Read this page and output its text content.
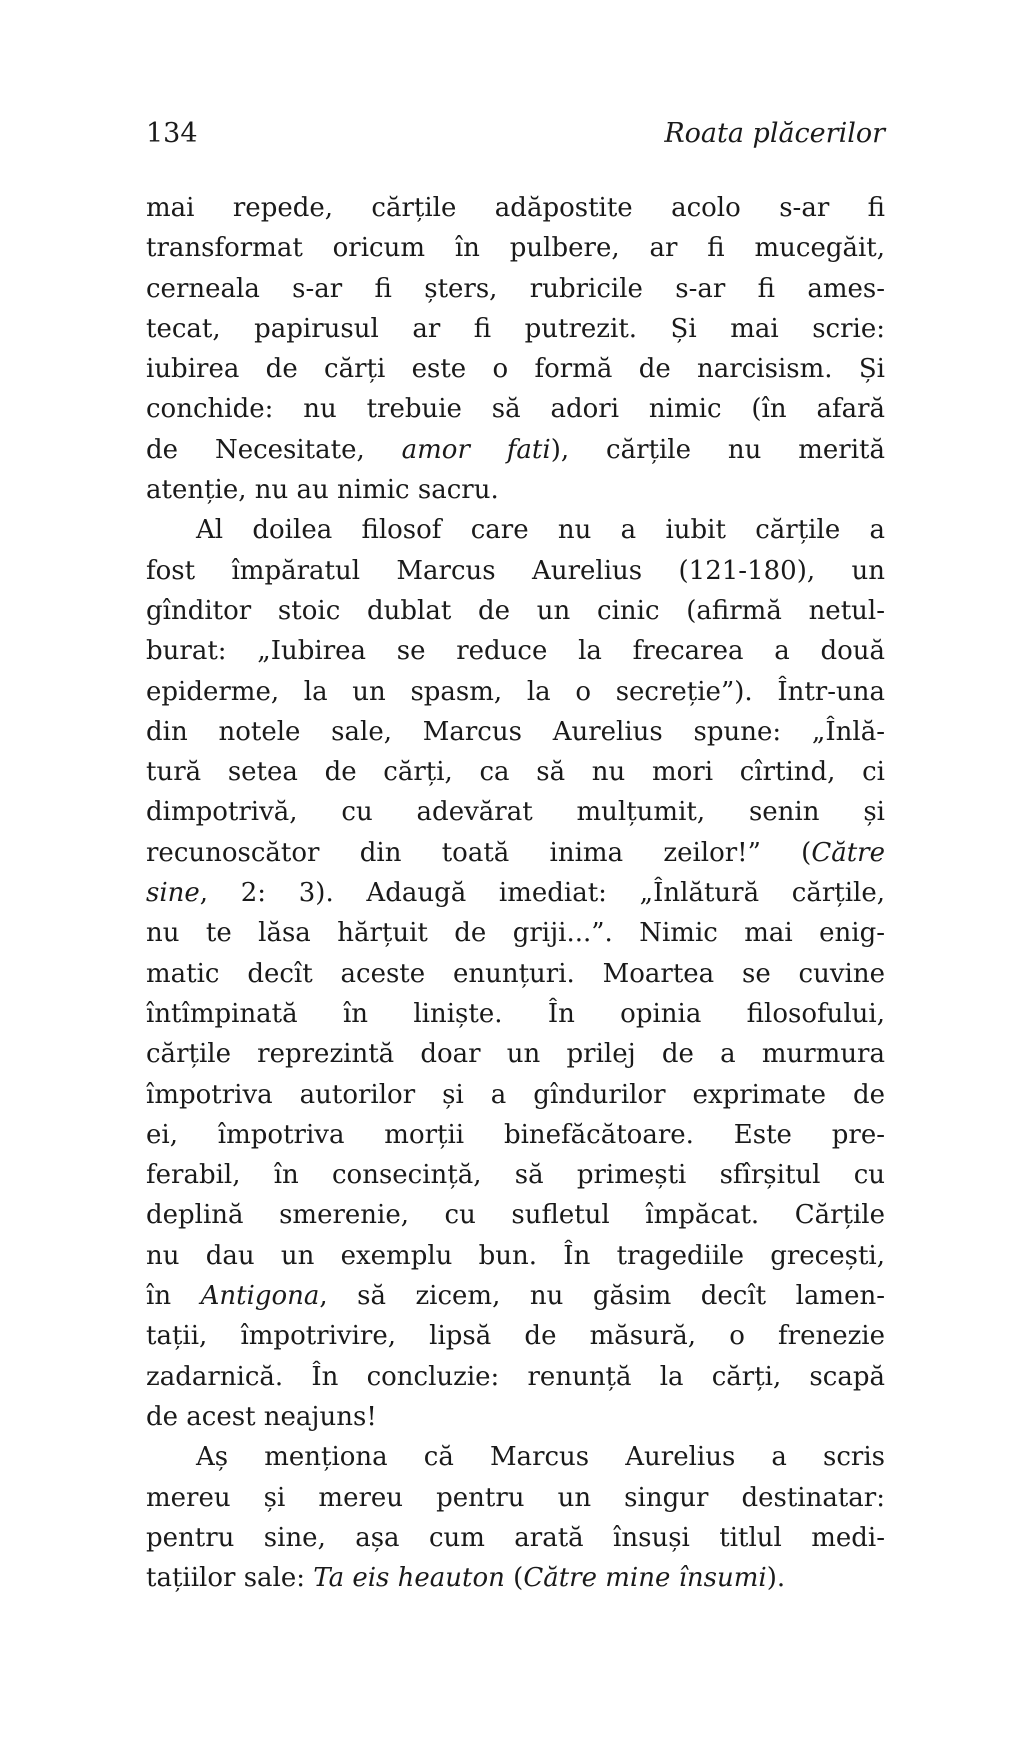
134	Roata plăcerilor
mai repede, cărțile adăpostite acolo s-ar fi
transformat oricum în pulbere, ar fi mucegăit,
cerneala s-ar fi șters, rubricile s-ar fi ames-
tecat, papirusul ar fi putrezit. Și mai scrie:
iubirea de cărți este o formă de narcisism. Și
conchide: nu trebuie să adori nimic (în afară
de Necesitate, amor fati), cărțile nu merită
atenție, nu au nimic sacru.
Al doilea filosof care nu a iubit cărțile a
fost împăratul Marcus Aurelius (121-180), un
gînditor stoic dublat de un cinic (afirmă netul-
burat: „Iubirea se reduce la frecarea a două
epiderme, la un spasm, la o secreție”). Într-una
din notele sale, Marcus Aurelius spune: „Înlă-
tură setea de cărți, ca să nu mori cîrtind, ci
dimpotrivă, cu adevărat mulțumit, senin și
recunoscător din toată inima zeilor!” (Către
sine, 2: 3). Adaugă imediat: „Înlătură cărțile,
nu te lăsa hărțuit de griji...”. Nimic mai enig-
matic decît aceste enunțuri. Moartea se cuvine
întîmpinată în liniște. În opinia filosofului,
cărțile reprezintă doar un prilej de a murmura
împotriva autorilor și a gîndurilor exprimate de
ei, împotriva morții binefăcătoare. Este pre-
ferabil, în consecință, să primești sfîrșitul cu
deplină smerenie, cu sufletul împăcat. Cărțile
nu dau un exemplu bun. În tragediile grecești,
în Antigona, să zicem, nu găsim decît lamen-
tații, împotrivire, lipsă de măsură, o frenezie
zadarnică. În concluzie: renunță la cărți, scapă
de acest neajuns!
Aș menționa că Marcus Aurelius a scris
mereu și mereu pentru un singur destinatar:
pentru sine, așa cum arată însuși titlul medi-
tațiilor sale: Ta eis heauton (Către mine însumi).
